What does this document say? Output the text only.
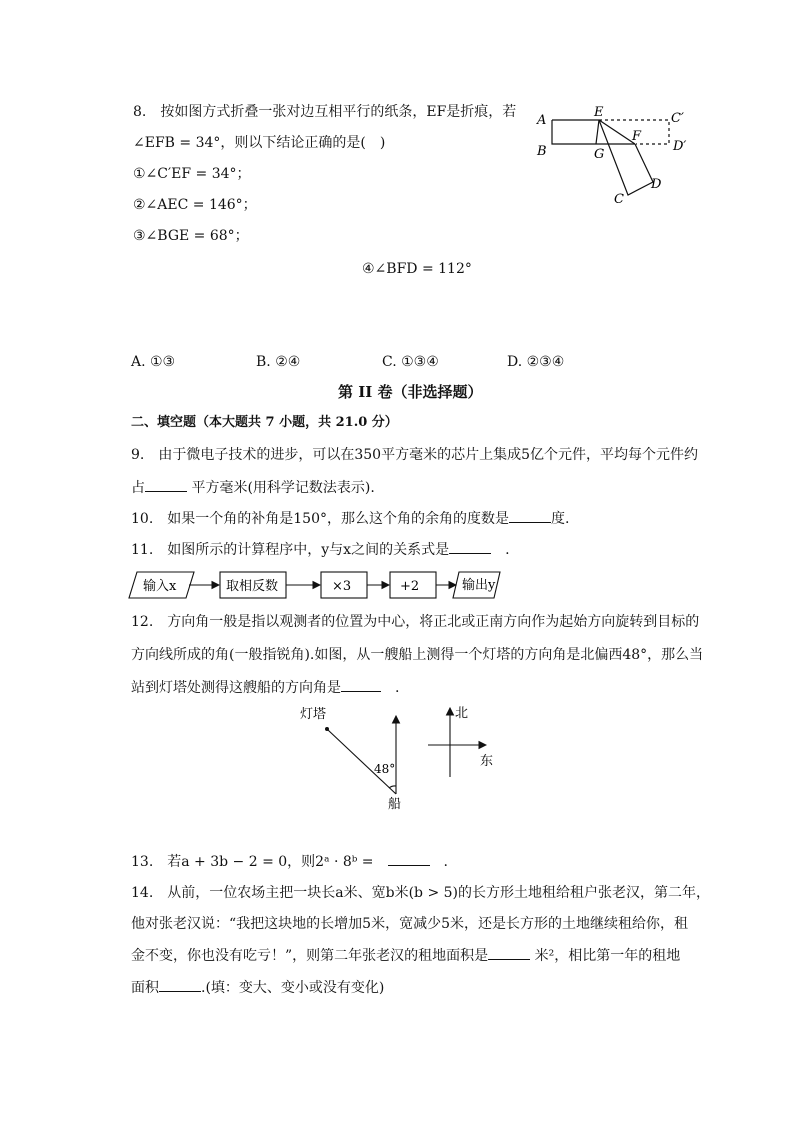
8.　按如图方式折叠一张对边互相平行的纸条，EF是折痕，若
∠EFB = 34°，则以下结论正确的是(　)
①∠C′EF = 34°；
②∠AEC = 146°；
③∠BGE = 68°；
④∠BFD = 112°
A
B
E	C′
D′
F
G
C
D
A. ①③	B. ②④	C. ①③④	D. ②③④
第 II 卷（非选择题）
二、填空题（本大题共 7 小题，共 21.0 分）
9.　由于微电子技术的进步，可以在350平方毫米的芯片上集成5亿个元件，平均每个元件约
占	平方毫米(用科学记数法表示).
10.　如果一个角的补角是150°，那么这个角的余角的度数是	度.
11.　如图所示的计算程序中，y与x之间的关系式是　	.
输入x	取相反数	×3	+2	输出y
12.　方向角一般是指以观测者的位置为中心，将正北或正南方向作为起始方向旋转到目标的
方向线所成的角(一般指锐角).如图，从一艘船上测得一个灯塔的方向角是北偏西48°，那么当
站到灯塔处测得这艘船的方向角是　	.
灯塔
48°
船
北
东
13.　若a + 3b − 2 = 0，则2ᵃ · 8ᵇ =　　	.
14.　从前，一位农场主把一块长a米、宽b米(b > 5)的长方形土地租给租户张老汉，第二年，
他对张老汉说：“我把这块地的长增加5米，宽减少5米，还是长方形的土地继续租给你，租
金不变，你也没有吃亏！”，则第二年张老汉的租地面积是	米²，相比第一年的租地
面积	.(填：变大、变小或没有变化)
